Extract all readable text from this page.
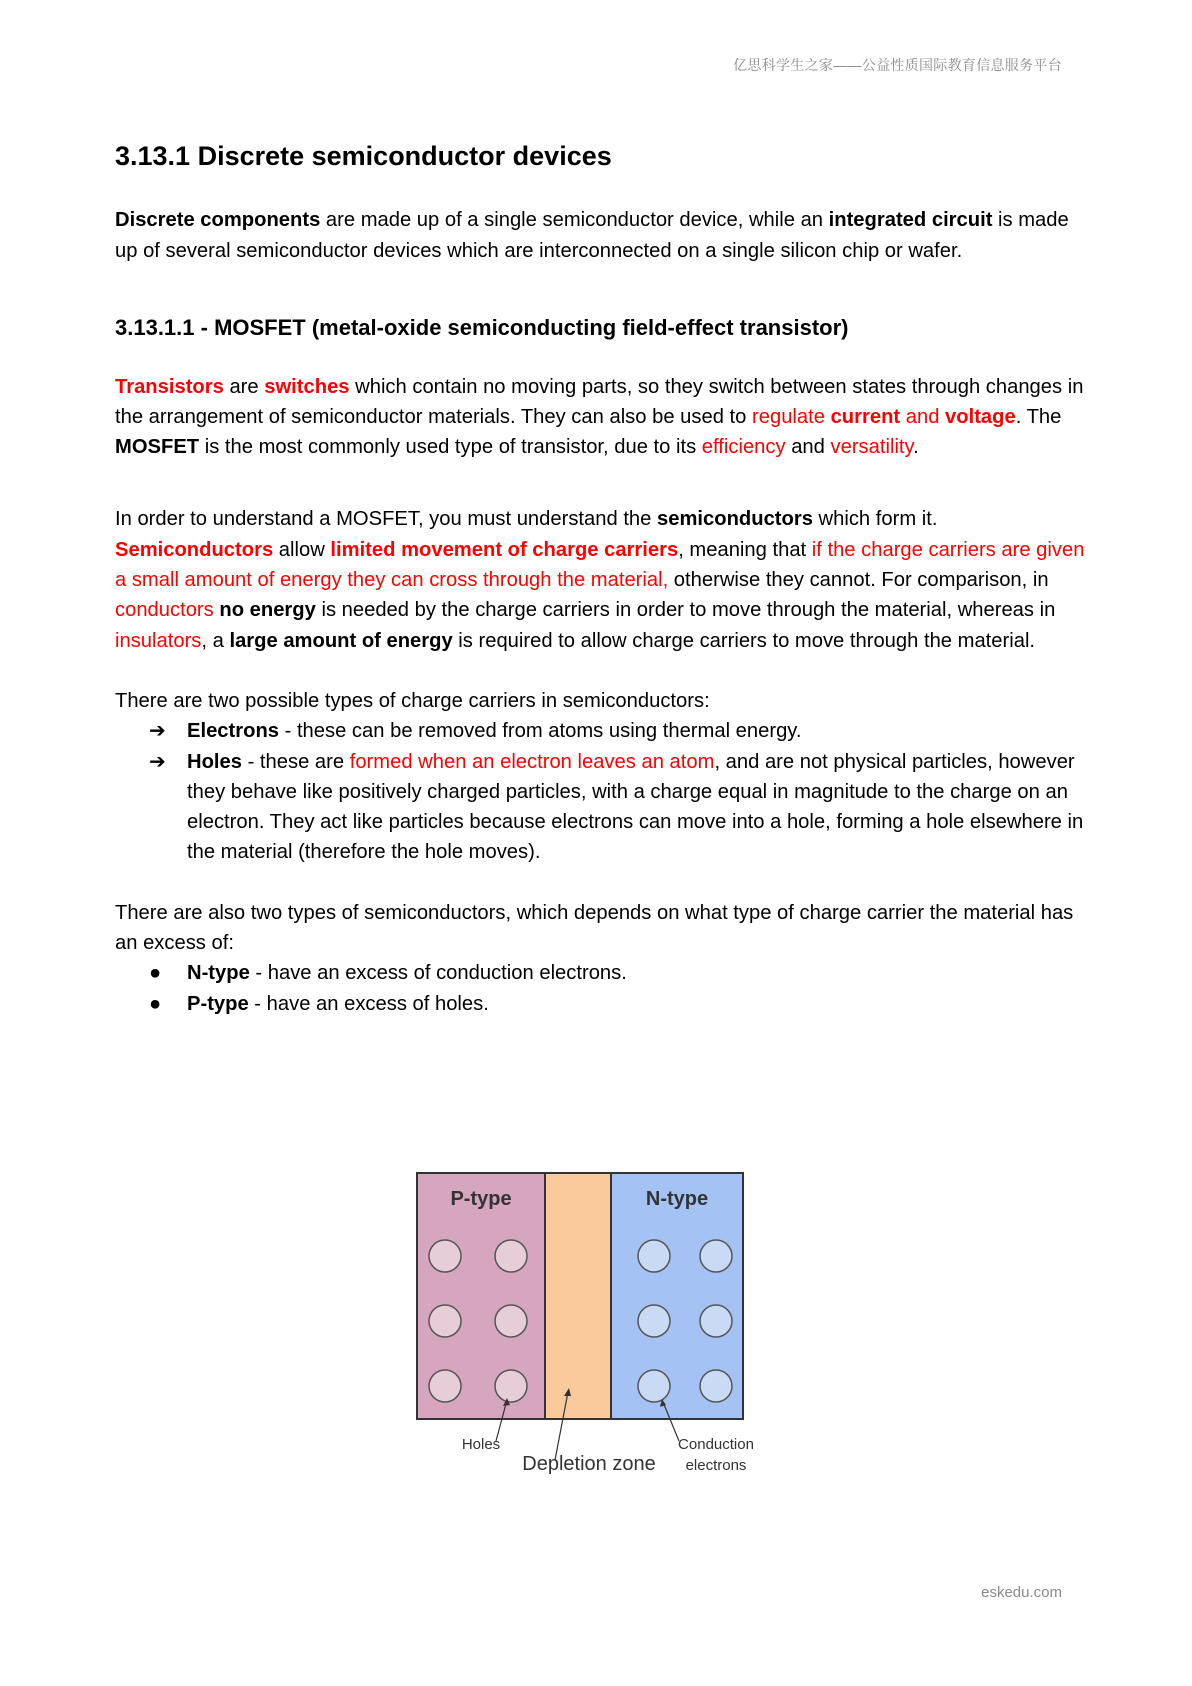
亿思科学生之家——公益性质国际教育信息服务平台
3.13.1 Discrete semiconductor devices

Discrete components are made up of a single semiconductor device, while an integrated circuit is made up of several semiconductor devices which are interconnected on a single silicon chip or wafer.

3.13.1.1 - MOSFET (metal-oxide semiconducting field-effect transistor)

Transistors are switches which contain no moving parts, so they switch between states through changes in the arrangement of semiconductor materials. They can also be used to regulate current and voltage. The MOSFET is the most commonly used type of transistor, due to its efficiency and versatility.

In order to understand a MOSFET, you must understand the semiconductors which form it. Semiconductors allow limited movement of charge carriers, meaning that if the charge carriers are given a small amount of energy they can cross through the material, otherwise they cannot. For comparison, in conductors no energy is needed by the charge carriers in order to move through the material, whereas in insulators, a large amount of energy is required to allow charge carriers to move through the material.

There are two possible types of charge carriers in semiconductors:

➔	Electrons - these can be removed from atoms using thermal energy.
➔	Holes - these are formed when an electron leaves an atom, and are not physical particles, however they behave like positively charged particles, with a charge equal in magnitude to the charge on an electron. They act like particles because electrons can move into a hole, forming a hole elsewhere in the material (therefore the hole moves).

There are also two types of semiconductors, which depends on what type of charge carrier the material has an excess of:

●	N-type - have an excess of conduction electrons.
●	P-type - have an excess of holes.
P-type	N-type
Holes
Depletion zone
Conduction
electrons
eskedu.com
